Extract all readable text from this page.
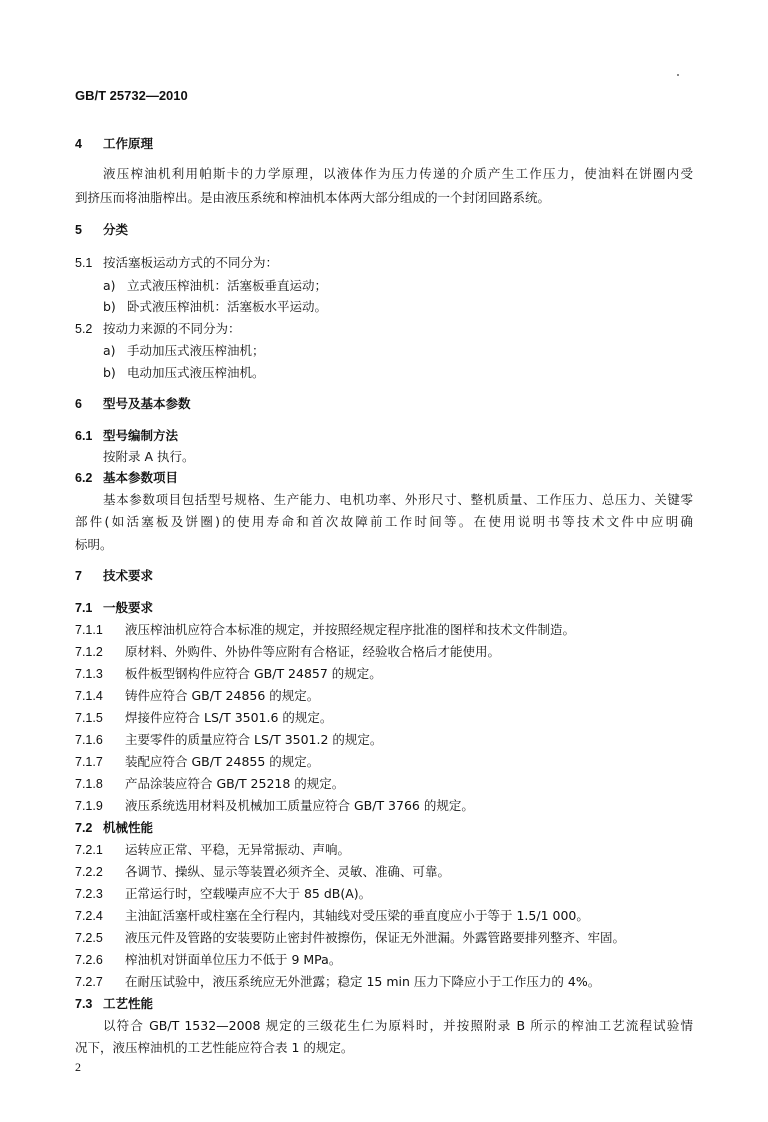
GB/T 25732—2010
4 工作原理
液压榨油机利用帕斯卡的力学原理，以液体作为压力传递的介质产生工作压力，使油料在饼圈内受
到挤压而将油脂榨出。是由液压系统和榨油机本体两大部分组成的一个封闭回路系统。
5 分类
5.1 按活塞板运动方式的不同分为：
a) 立式液压榨油机：活塞板垂直运动；
b) 卧式液压榨油机：活塞板水平运动。
5.2 按动力来源的不同分为：
a) 手动加压式液压榨油机；
b) 电动加压式液压榨油机。
6 型号及基本参数
6.1 型号编制方法
按附录 A 执行。
6.2 基本参数项目
基本参数项目包括型号规格、生产能力、电机功率、外形尺寸、整机质量、工作压力、总压力、关键零
部件(如活塞板及饼圈)的使用寿命和首次故障前工作时间等。在使用说明书等技术文件中应明确
标明。
7 技术要求
7.1 一般要求
7.1.1 液压榨油机应符合本标准的规定，并按照经规定程序批准的图样和技术文件制造。
7.1.2 原材料、外购件、外协件等应附有合格证，经验收合格后才能使用。
7.1.3 板件板型钢构件应符合 GB/T 24857 的规定。
7.1.4 铸件应符合 GB/T 24856 的规定。
7.1.5 焊接件应符合 LS/T 3501.6 的规定。
7.1.6 主要零件的质量应符合 LS/T 3501.2 的规定。
7.1.7 装配应符合 GB/T 24855 的规定。
7.1.8 产品涂装应符合 GB/T 25218 的规定。
7.1.9 液压系统选用材料及机械加工质量应符合 GB/T 3766 的规定。
7.2 机械性能
7.2.1 运转应正常、平稳，无异常振动、声响。
7.2.2 各调节、操纵、显示等装置必须齐全、灵敏、准确、可靠。
7.2.3 正常运行时，空载噪声应不大于 85 dB(A)。
7.2.4 主油缸活塞杆或柱塞在全行程内，其轴线对受压梁的垂直度应小于等于 1.5/1 000。
7.2.5 液压元件及管路的安装要防止密封件被擦伤，保证无外泄漏。外露管路要排列整齐、牢固。
7.2.6 榨油机对饼面单位压力不低于 9 MPa。
7.2.7 在耐压试验中，液压系统应无外泄露；稳定 15 min 压力下降应小于工作压力的 4%。
7.3 工艺性能
以符合 GB/T 1532—2008 规定的三级花生仁为原料时，并按照附录 B 所示的榨油工艺流程试验情
况下，液压榨油机的工艺性能应符合表 1 的规定。
2
